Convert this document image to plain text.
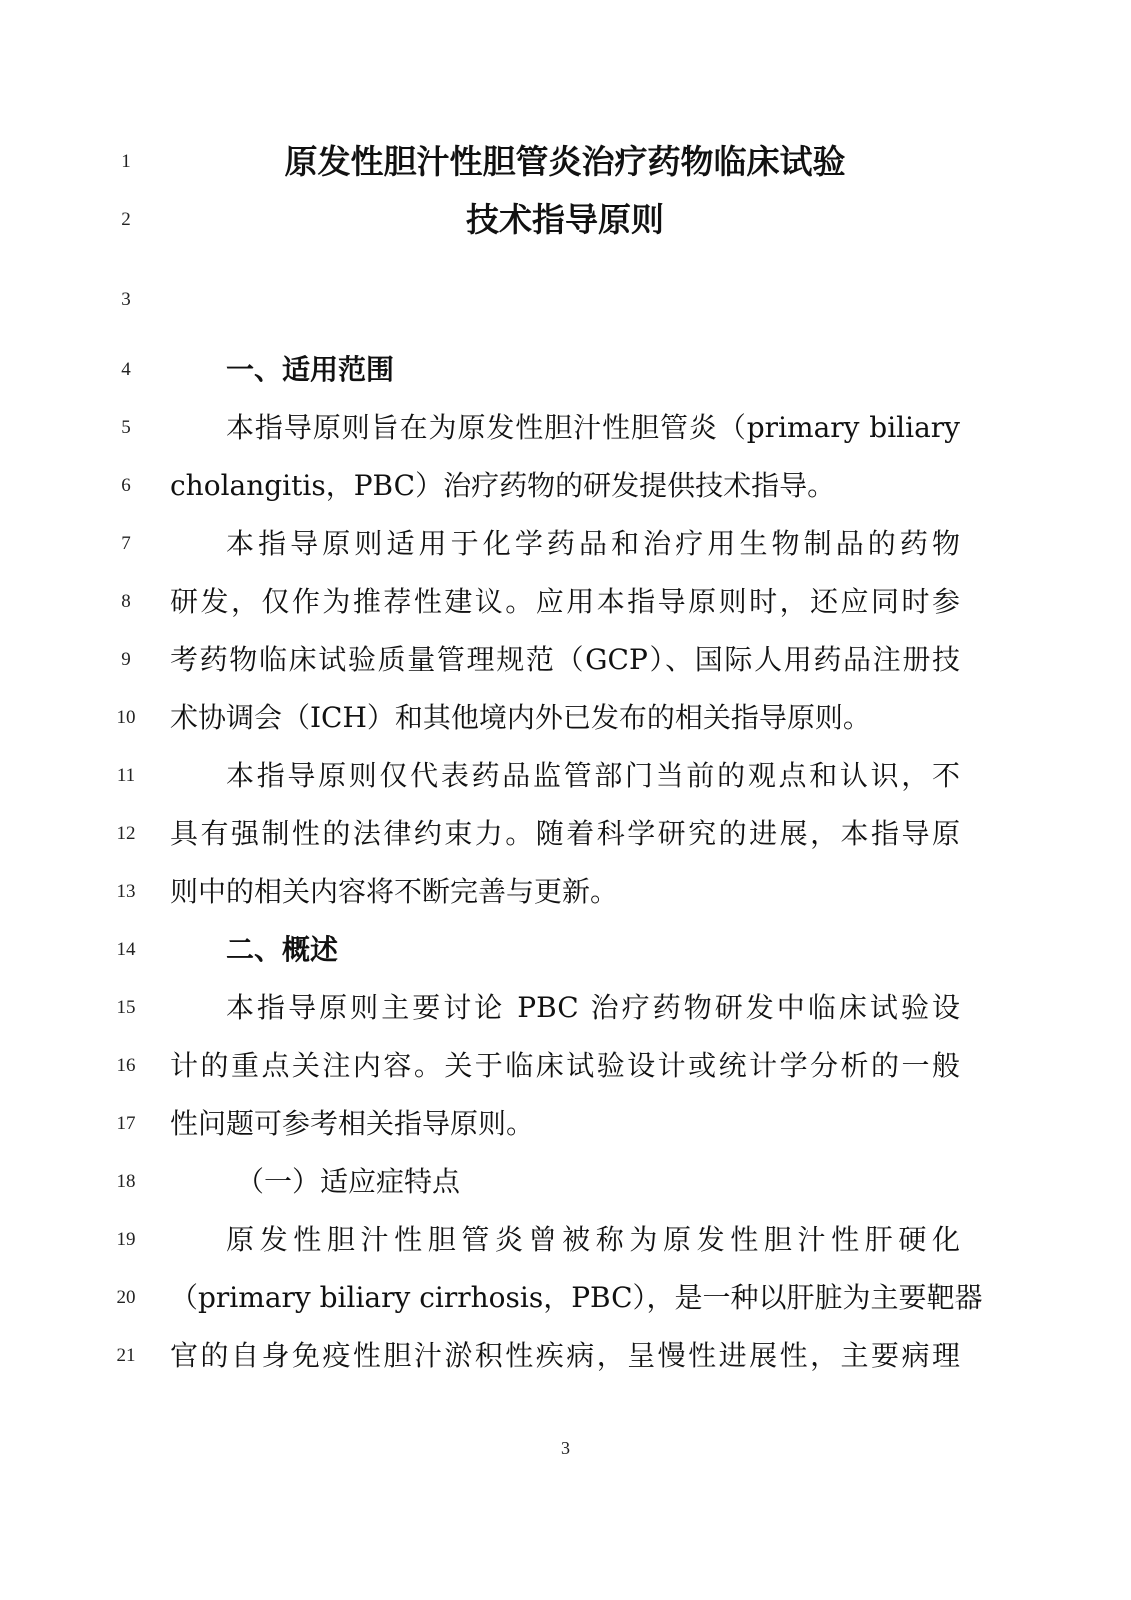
1	原发性胆汁性胆管炎治疗药物临床试验
2	技术指导原则
3
4	一、适用范围
5	本指导原则旨在为原发性胆汁性胆管炎（primary biliary
6	cholangitis，PBC）治疗药物的研发提供技术指导。
7	本指导原则适用于化学药品和治疗用生物制品的药物
8	研发，仅作为推荐性建议。应用本指导原则时，还应同时参
9	考药物临床试验质量管理规范（GCP）、国际人用药品注册技
10	术协调会（ICH）和其他境内外已发布的相关指导原则。
11	本指导原则仅代表药品监管部门当前的观点和认识，不
12	具有强制性的法律约束力。随着科学研究的进展，本指导原
13	则中的相关内容将不断完善与更新。
14	二、概述
15	本指导原则主要讨论 PBC 治疗药物研发中临床试验设
16	计的重点关注内容。关于临床试验设计或统计学分析的一般
17	性问题可参考相关指导原则。
18	（一）适应症特点
19	原发性胆汁性胆管炎曾被称为原发性胆汁性肝硬化
20	（primary biliary cirrhosis，PBC），是一种以肝脏为主要靶器
21	官的自身免疫性胆汁淤积性疾病，呈慢性进展性，主要病理
3
